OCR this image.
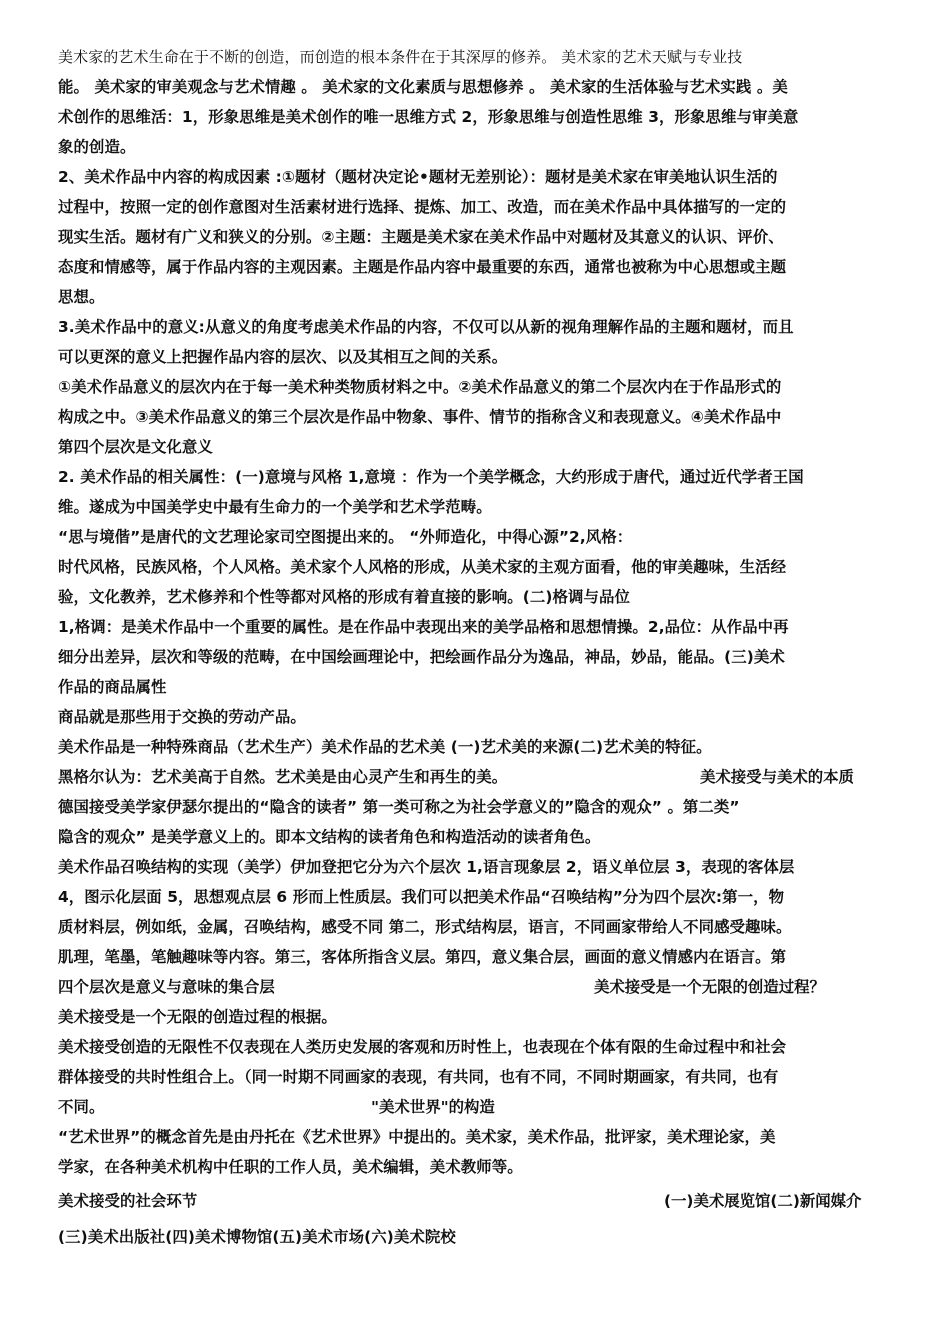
美术家的艺术生命在于不断的创造，而创造的根本条件在于其深厚的修养。 美术家的艺术天赋与专业技
能。 美术家的审美观念与艺术情趣 。 美术家的文化素质与思想修养 。 美术家的生活体验与艺术实践 。美
术创作的思维活：1，形象思维是美术创作的唯一思维方式 2，形象思维与创造性思维 3，形象思维与审美意
象的创造。
2、美术作品中内容的构成因素 :①题材（题材决定论•题材无差别论）：题材是美术家在审美地认识生活的
过程中，按照一定的创作意图对生活素材进行选择、提炼、加工、改造，而在美术作品中具体描写的一定的
现实生活。题材有广义和狭义的分别。②主题：主题是美术家在美术作品中对题材及其意义的认识、评价、
态度和情感等，属于作品内容的主观因素。主题是作品内容中最重要的东西，通常也被称为中心思想或主题
思想。
3.美术作品中的意义:从意义的角度考虑美术作品的内容，不仅可以从新的视角理解作品的主题和题材，而且
可以更深的意义上把握作品内容的层次、以及其相互之间的关系。
①美术作品意义的层次内在于每一美术种类物质材料之中。②美术作品意义的第二个层次内在于作品形式的
构成之中。③美术作品意义的第三个层次是作品中物象、事件、情节的指称含义和表现意义。④美术作品中
第四个层次是文化意义
2. 美术作品的相关属性：(一)意境与风格 1,意境 ：作为一个美学概念，大约形成于唐代，通过近代学者王国
维。遂成为中国美学史中最有生命力的一个美学和艺术学范畴。
“思与境偕”是唐代的文艺理论家司空图提出来的。 “外师造化，中得心源”2,风格：
时代风格，民族风格，个人风格。美术家个人风格的形成，从美术家的主观方面看，他的审美趣味，生活经
验，文化教养，艺术修养和个性等都对风格的形成有着直接的影响。(二)格调与品位
1,格调：是美术作品中一个重要的属性。是在作品中表现出来的美学品格和思想情操。2,品位：从作品中再
细分出差异，层次和等级的范畴，在中国绘画理论中，把绘画作品分为逸品，神品，妙品，能品。(三)美术
作品的商品属性
商品就是那些用于交换的劳动产品。
美术作品是一种特殊商品（艺术生产）美术作品的艺术美 (一)艺术美的来源(二)艺术美的特征。
黑格尔认为：艺术美高于自然。艺术美是由心灵产生和再生的美。	美术接受与美术的本质
德国接受美学家伊瑟尔提出的“隐含的读者” 第一类可称之为社会学意义的”隐含的观众” 。第二类”
隐含的观众” 是美学意义上的。即本文结构的读者角色和构造活动的读者角色。
美术作品召唤结构的实现（美学）伊加登把它分为六个层次 1,语言现象层 2，语义单位层 3，表现的客体层
4，图示化层面 5，思想观点层 6 形而上性质层。我们可以把美术作品“召唤结构”分为四个层次:第一，物
质材料层，例如纸，金属，召唤结构，感受不同 第二，形式结构层，语言，不同画家带给人不同感受趣味。
肌理，笔墨，笔触趣味等内容。第三，客体所指含义层。第四，意义集合层，画面的意义情感内在语言。第
四个层次是意义与意味的集合层	美术接受是一个无限的创造过程？
美术接受是一个无限的创造过程的根据。
美术接受创造的无限性不仅表现在人类历史发展的客观和历时性上，也表现在个体有限的生命过程中和社会
群体接受的共时性组合上。（同一时期不同画家的表现，有共同，也有不同，不同时期画家，有共同，也有
不同。	"美术世界"的构造
“艺术世界”的概念首先是由丹托在《艺术世界》中提出的。美术家，美术作品，批评家，美术理论家，美
学家，在各种美术机构中任职的工作人员，美术编辑，美术教师等。
美术接受的社会环节	(一)美术展览馆(二)新闻媒介
(三)美术出版社(四)美术博物馆(五)美术市场(六)美术院校
